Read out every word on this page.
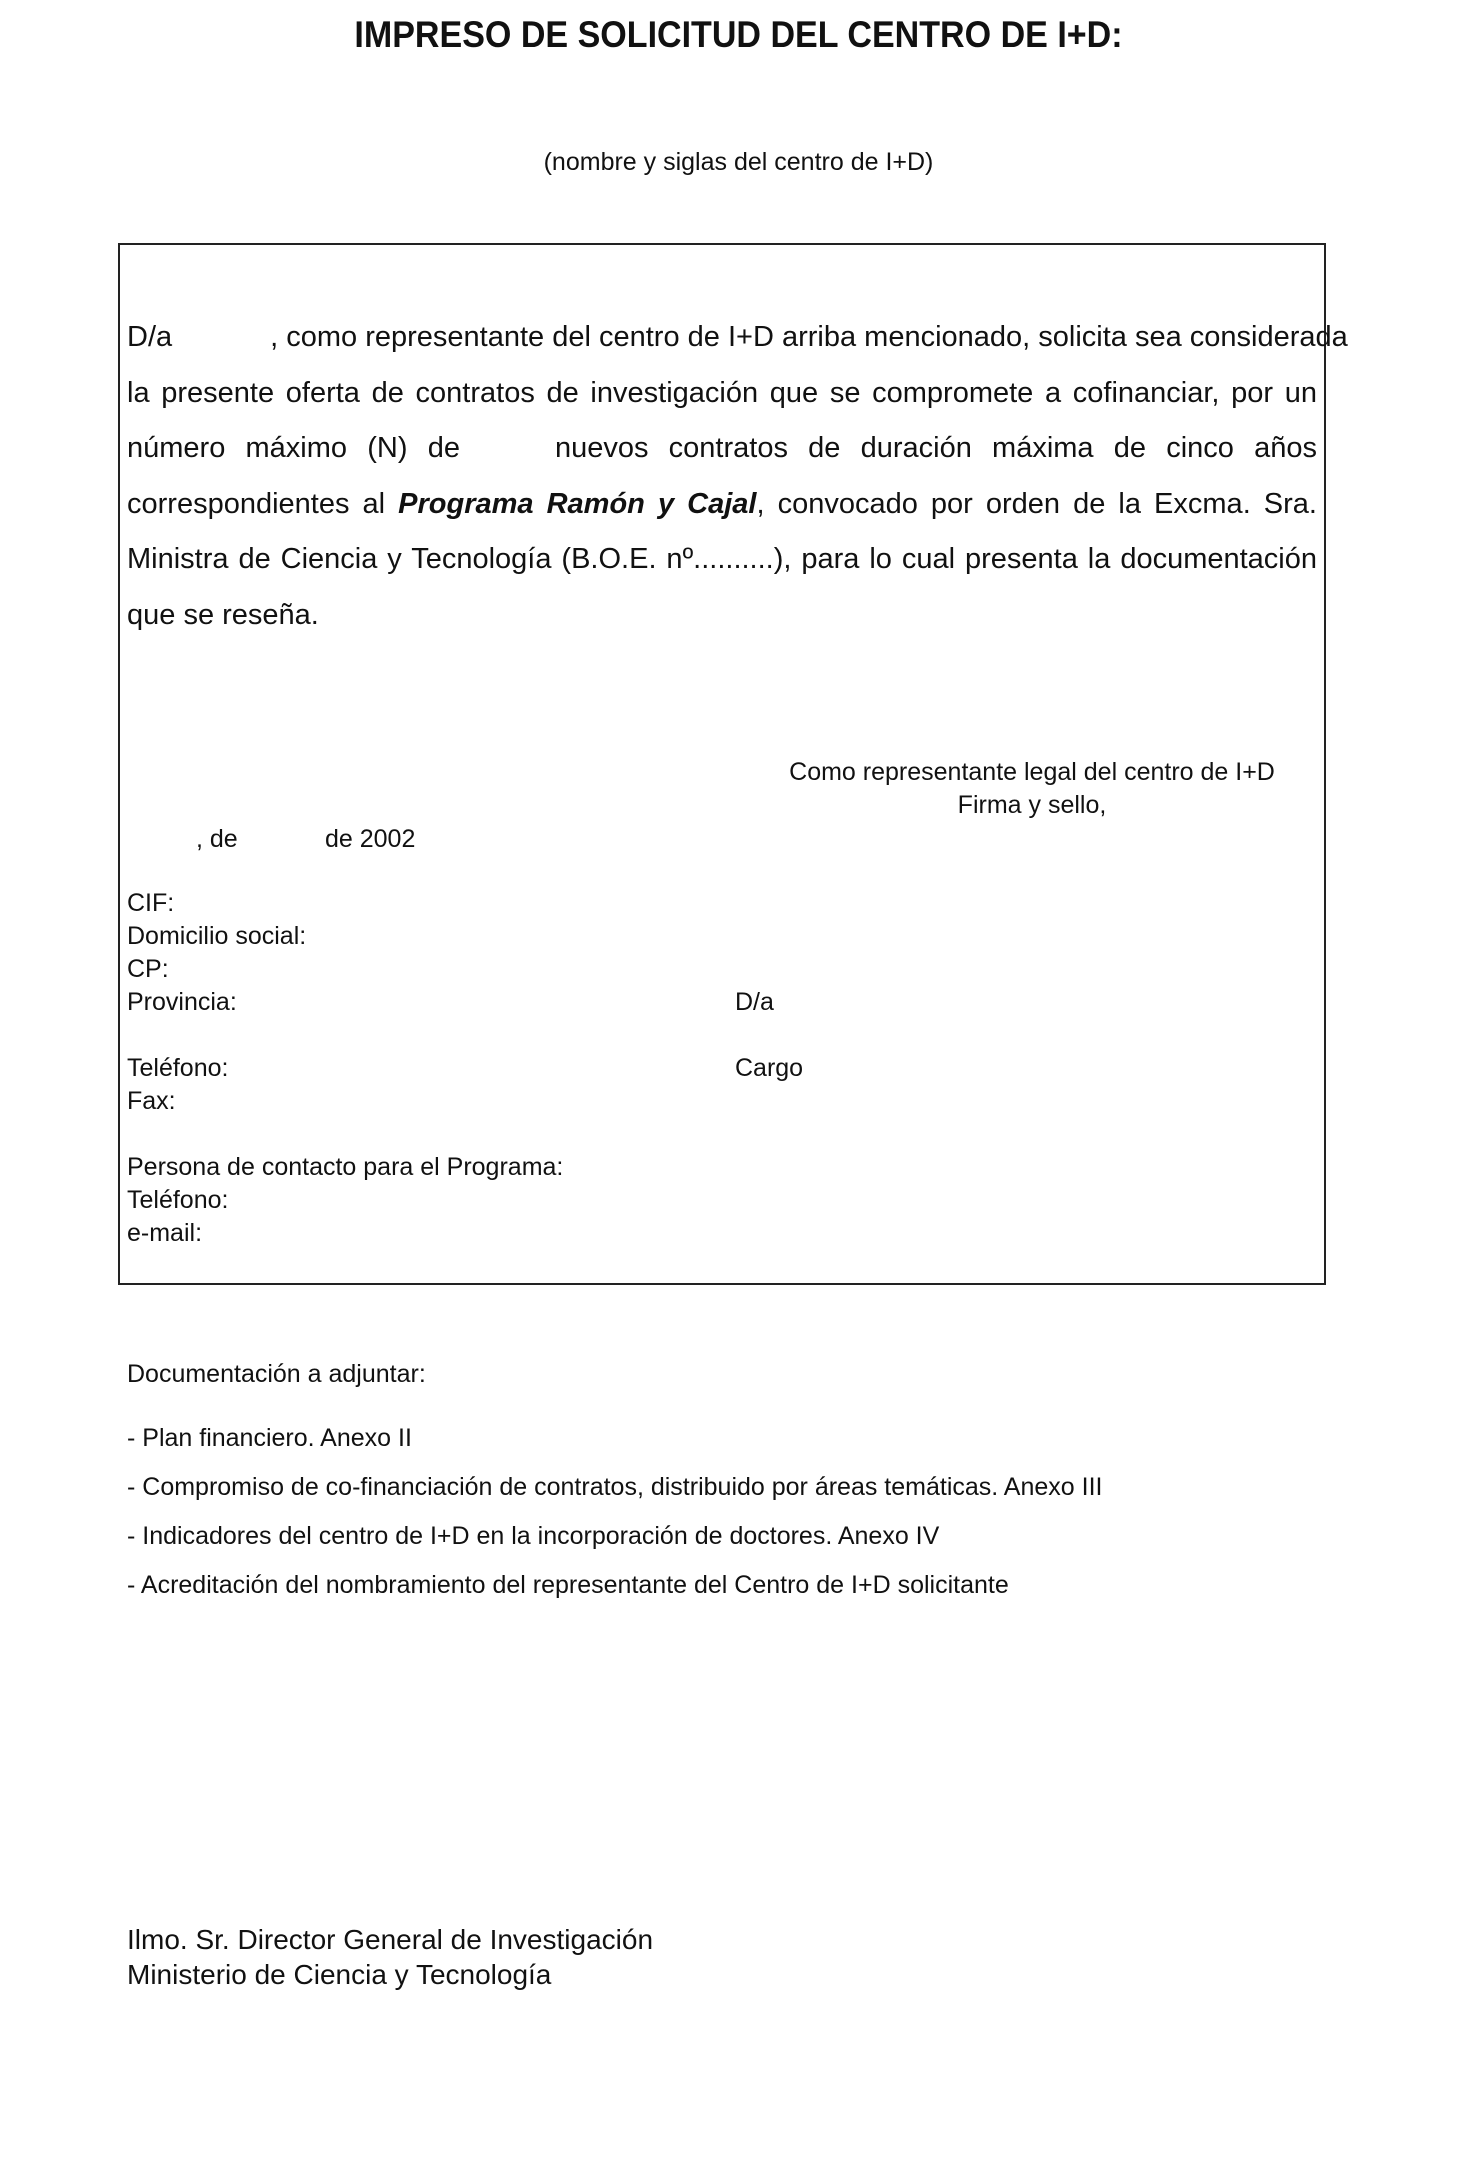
IMPRESO DE SOLICITUD DEL CENTRO DE I+D:
(nombre y siglas del centro de I+D)
D/a	, como representante del centro de I+D arriba mencionado, solicita sea considerada
la presente oferta de contratos de investigación que se compromete a cofinanciar, por un
número máximo (N) de	nuevos contratos de duración máxima de cinco años
correspondientes al Programa Ramón y Cajal, convocado por orden de la Excma. Sra.
Ministra de Ciencia y Tecnología (B.O.E. nº..........), para lo cual presenta la documentación
que se reseña.
Como representante legal del centro de I+D
Firma y sello,
, de	de 2002
CIF:
Domicilio social:
CP:
Provincia:	D/a
Teléfono:	Cargo
Fax:
Persona de contacto para el Programa:
Teléfono:
e-mail:
Documentación a adjuntar:
- Plan financiero. Anexo II
- Compromiso de co-financiación de contratos, distribuido por áreas temáticas. Anexo III
- Indicadores del centro de I+D en la incorporación de doctores. Anexo IV
- Acreditación del nombramiento del representante del Centro de I+D solicitante
Ilmo. Sr. Director General de Investigación
Ministerio de Ciencia y Tecnología
